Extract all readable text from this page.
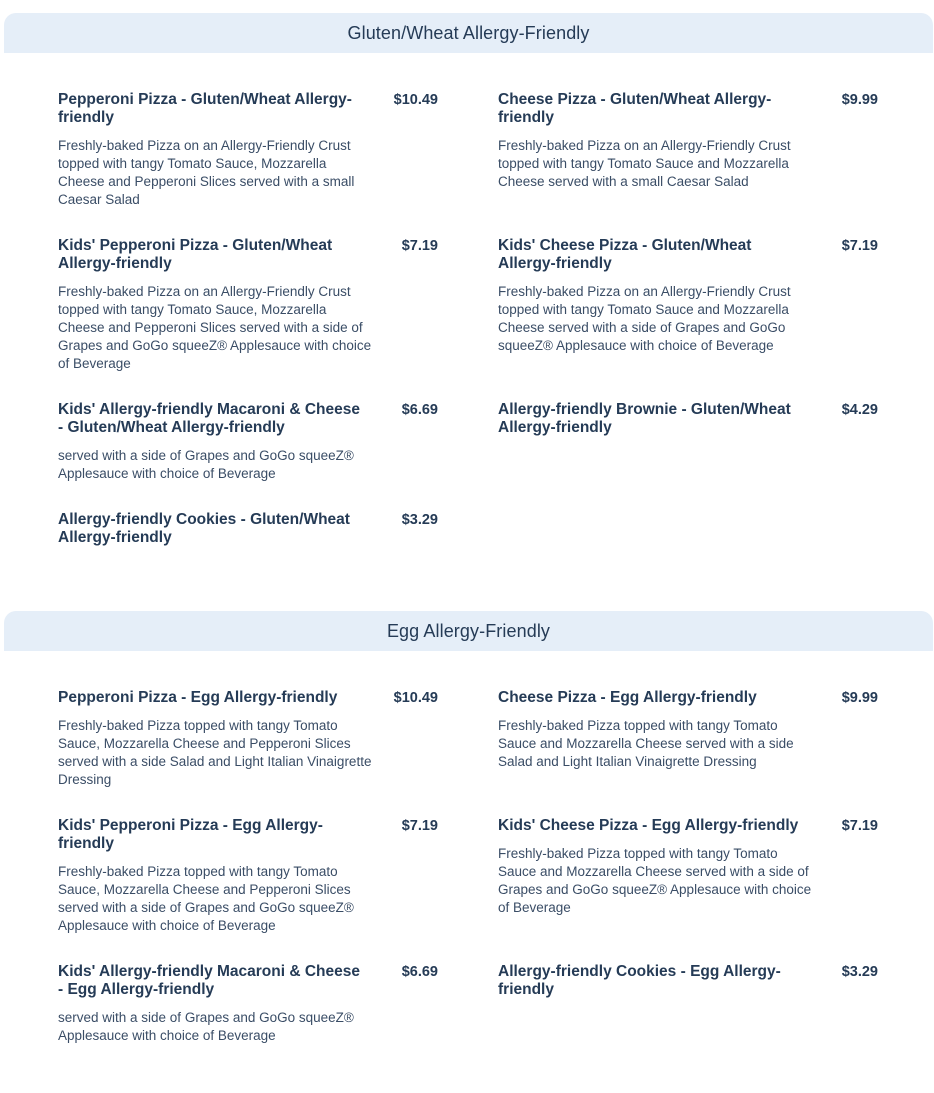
Gluten/Wheat Allergy-Friendly
Pepperoni Pizza - Gluten/Wheat Allergy-friendly
$10.49
Freshly-baked Pizza on an Allergy-Friendly Crust topped with tangy Tomato Sauce, Mozzarella Cheese and Pepperoni Slices served with a small Caesar Salad
Cheese Pizza - Gluten/Wheat Allergy-friendly
$9.99
Freshly-baked Pizza on an Allergy-Friendly Crust topped with tangy Tomato Sauce and Mozzarella Cheese served with a small Caesar Salad
Kids' Pepperoni Pizza - Gluten/Wheat Allergy-friendly
$7.19
Freshly-baked Pizza on an Allergy-Friendly Crust topped with tangy Tomato Sauce, Mozzarella Cheese and Pepperoni Slices served with a side of Grapes and GoGo squeeZ® Applesauce with choice of Beverage
Kids' Cheese Pizza - Gluten/Wheat Allergy-friendly
$7.19
Freshly-baked Pizza on an Allergy-Friendly Crust topped with tangy Tomato Sauce and Mozzarella Cheese served with a side of Grapes and GoGo squeeZ® Applesauce with choice of Beverage
Kids' Allergy-friendly Macaroni & Cheese - Gluten/Wheat Allergy-friendly
$6.69
served with a side of Grapes and GoGo squeeZ® Applesauce with choice of Beverage
Allergy-friendly Brownie - Gluten/Wheat Allergy-friendly
$4.29
Allergy-friendly Cookies - Gluten/Wheat Allergy-friendly
$3.29
Egg Allergy-Friendly
Pepperoni Pizza - Egg Allergy-friendly	$10.49
Freshly-baked Pizza topped with tangy Tomato Sauce, Mozzarella Cheese and Pepperoni Slices served with a side Salad and Light Italian Vinaigrette Dressing
Cheese Pizza - Egg Allergy-friendly	$9.99
Freshly-baked Pizza topped with tangy Tomato Sauce and Mozzarella Cheese served with a side Salad and Light Italian Vinaigrette Dressing
Kids' Pepperoni Pizza - Egg Allergy-friendly
$7.19
Freshly-baked Pizza topped with tangy Tomato Sauce, Mozzarella Cheese and Pepperoni Slices served with a side of Grapes and GoGo squeeZ® Applesauce with choice of Beverage
Kids' Cheese Pizza - Egg Allergy-friendly	$7.19
Freshly-baked Pizza topped with tangy Tomato Sauce and Mozzarella Cheese served with a side of Grapes and GoGo squeeZ® Applesauce with choice of Beverage
Kids' Allergy-friendly Macaroni & Cheese - Egg Allergy-friendly
$6.69
served with a side of Grapes and GoGo squeeZ® Applesauce with choice of Beverage
Allergy-friendly Cookies - Egg Allergy-friendly
$3.29
